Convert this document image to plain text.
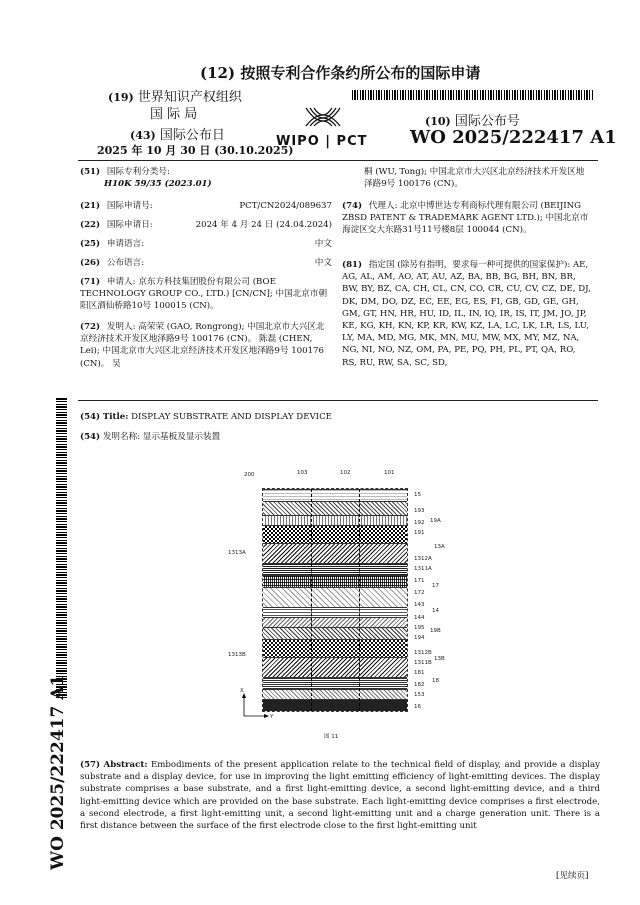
(12) 按照专利合作条约所公布的国际申请
(19) 世界知识产权组织
国 际 局
WIPO | PCT
(43) 国际公布日
2025 年 10 月 30 日 (30.10.2025)
(10) 国际公布号
WO 2025/222417 A1
(51) 国际专利分类号:
H10K 59/35 (2023.01)
(21) 国际申请号:	PCT/CN2024/089637
(22) 国际申请日:	2024 年 4 月 24 日 (24.04.2024)
(25) 申请语言:	中文
(26) 公布语言:	中文
(71) 申请人: 京东方科技集团股份有限公司 (BOE TECHNOLOGY GROUP CO., LTD.) [CN/CN]; 中国北京市朝阳区酒仙桥路10号 100015 (CN)。
(72) 发明人: 高荣荣 (GAO, Rongrong); 中国北京市大兴区北京经济技术开发区地泽路9号 100176 (CN)。 陈磊 (CHEN, Lei); 中国北京市大兴区北京经济技术开发区地泽路9号 100176 (CN)。 吴
桐 (WU, Tong); 中国北京市大兴区北京经济技术开发区地泽路9号 100176 (CN)。
(74) 代理人: 北京中博世达专利商标代理有限公司 (BEIJING ZBSD PATENT & TRADEMARK AGENT LTD.); 中国北京市海淀区交大东路31号11号楼8层 100044 (CN)。
(81) 指定国 (除另有指明，要求每一种可提供的国家保护): AE, AG, AL, AM, AO, AT, AU, AZ, BA, BB, BG, BH, BN, BR, BW, BY, BZ, CA, CH, CL, CN, CO, CR, CU, CV, CZ, DE, DJ, DK, DM, DO, DZ, EC, EE, EG, ES, FI, GB, GD, GE, GH, GM, GT, HN, HR, HU, ID, IL, IN, IQ, IR, IS, IT, JM, JO, JP, KE, KG, KH, KN, KP, KR, KW, KZ, LA, LC, LK, LR, LS, LU, LY, MA, MD, MG, MK, MN, MU, MW, MX, MY, MZ, NA, NG, NI, NO, NZ, OM, PA, PE, PQ, PH, PL, PT, QA, RO, RS, RU, RW, SA, SC, SD,
WO 2025/222417 A1
(54) Title: DISPLAY SUBSTRATE AND DISPLAY DEVICE
(54) 发明名称: 显示基板及显示装置
200	103	102	101
15
193
192
191
19A
13A
1312A
1311A
171
17
172
143
14
144
195 19B
194
1312B
1311B
13B
181
18
182
153
16
1313A
1313B
X
Y
图 11
(57) Abstract: Embodiments of the present application relate to the technical field of display, and provide a display substrate and a display device, for use in improving the light emitting efficiency of light-emitting devices. The display substrate comprises a base substrate, and a first light-emitting device, a second light-emitting device, and a third light-emitting device which are provided on the base substrate. Each light-emitting device comprises a first electrode, a second electrode, a first light-emitting unit, a second light-emitting unit and a charge generation unit. There is a first distance between the surface of the first electrode close to the first light-emitting unit
[见续页]
